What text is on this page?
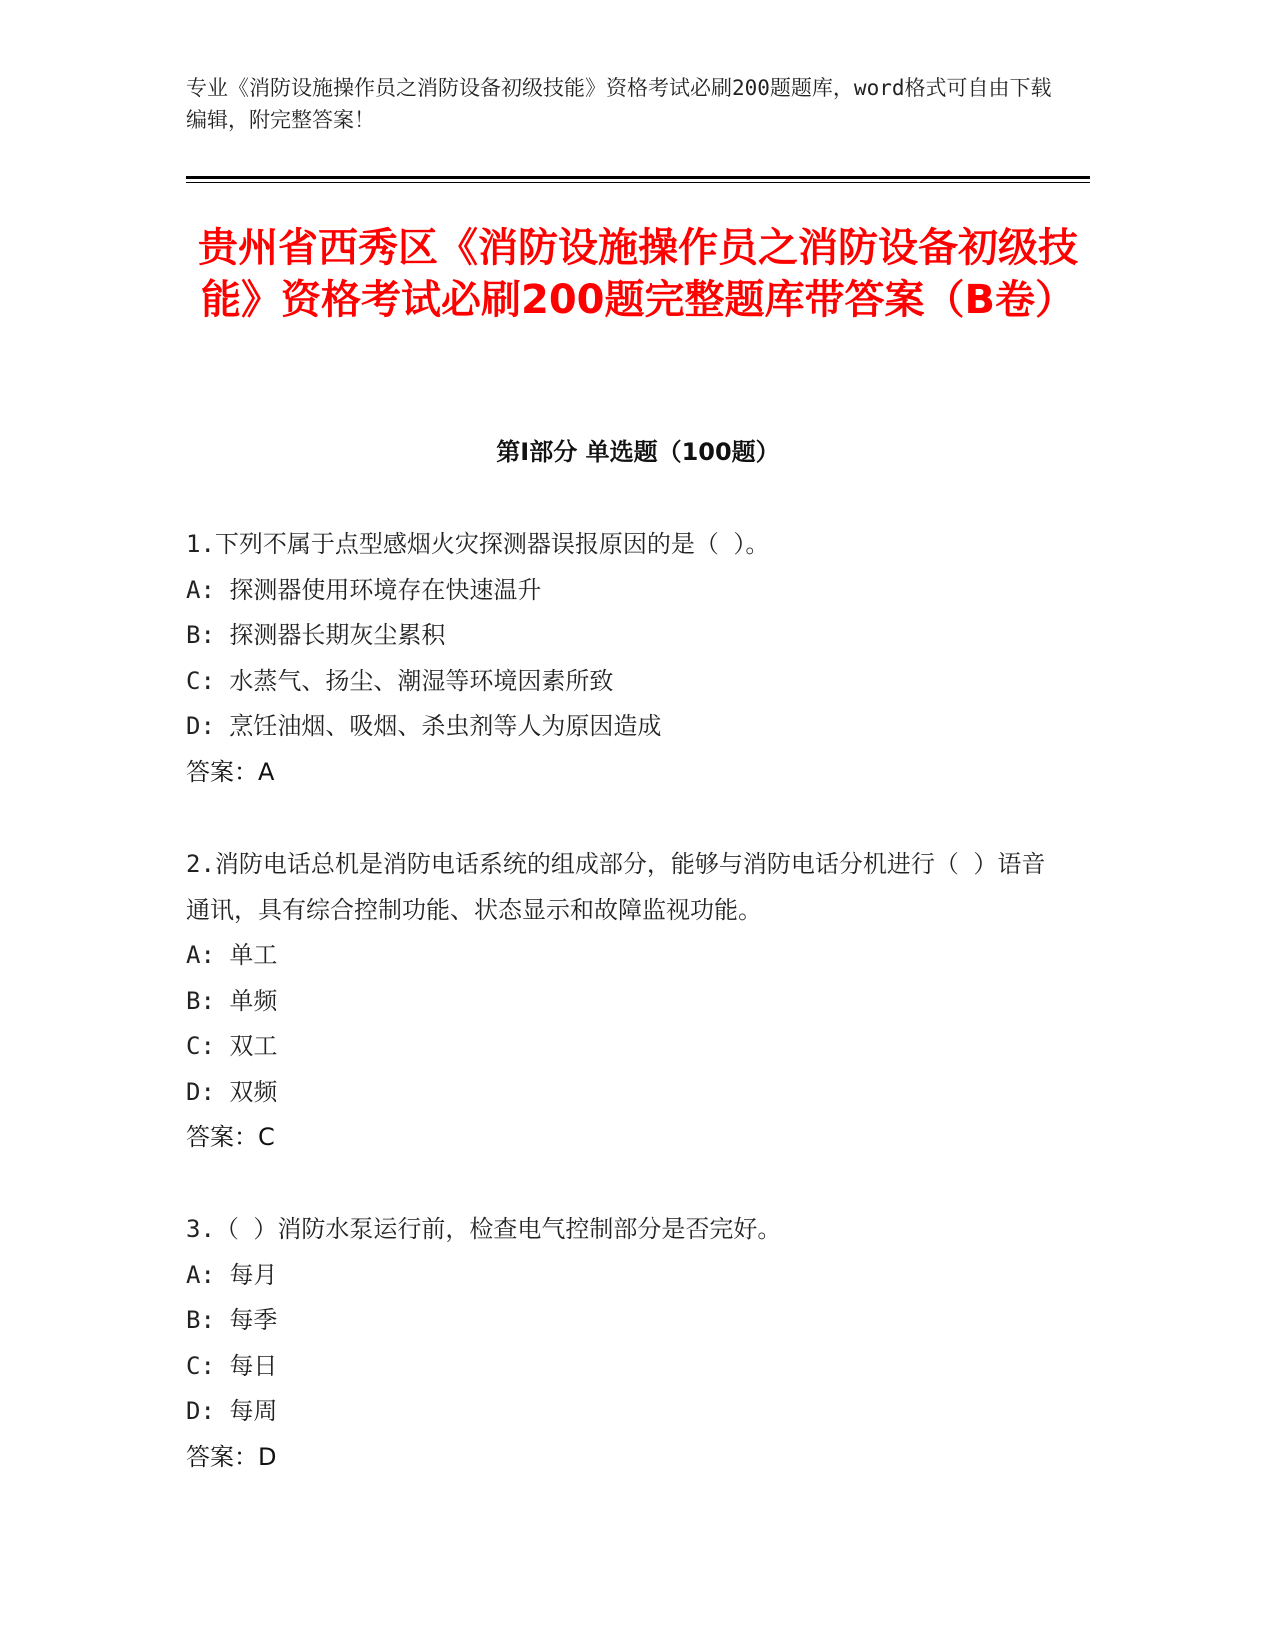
专业《消防设施操作员之消防设备初级技能》资格考试必刷200题题库，word格式可自由下载编辑，附完整答案！

贵州省西秀区《消防设施操作员之消防设备初级技能》资格考试必刷200题完整题库带答案（B卷）
第I部分 单选题（100题）

1.下列不属于点型感烟火灾探测器误报原因的是（ ）。

A: 探测器使用环境存在快速温升

B: 探测器长期灰尘累积

C: 水蒸气、扬尘、潮湿等环境因素所致

D: 烹饪油烟、吸烟、杀虫剂等人为原因造成

答案：A

2.消防电话总机是消防电话系统的组成部分，能够与消防电话分机进行（ ）语音通讯，具有综合控制功能、状态显示和故障监视功能。

A: 单工

B: 单频

C: 双工

D: 双频

答案：C

3.（ ）消防水泵运行前，检查电气控制部分是否完好。

A: 每月

B: 每季

C: 每日

D: 每周

答案：D
